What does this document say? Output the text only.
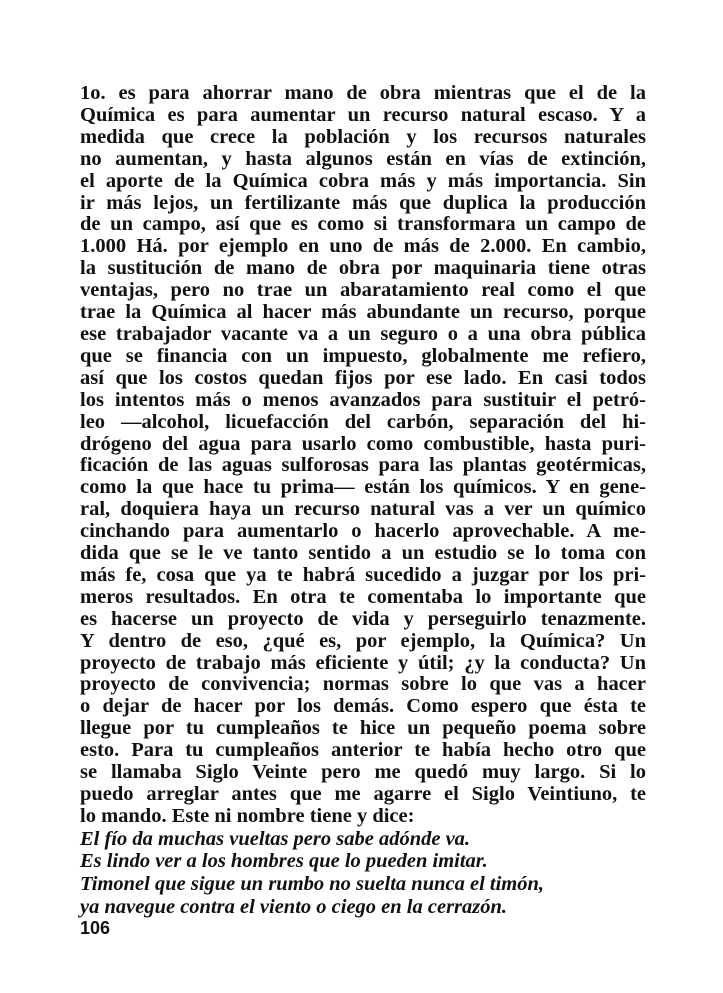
1o. es para ahorrar mano de obra mientras que el de la
Química es para aumentar un recurso natural escaso. Y a
medida que crece la población y los recursos naturales
no aumentan, y hasta algunos están en vías de extinción,
el aporte de la Química cobra más y más importancia. Sin
ir más lejos, un fertilizante más que duplica la producción
de un campo, así que es como si transformara un campo de
1.000 Há. por ejemplo en uno de más de 2.000. En cambio,
la sustitución de mano de obra por maquinaria tiene otras
ventajas, pero no trae un abaratamiento real como el que
trae la Química al hacer más abundante un recurso, porque
ese trabajador vacante va a un seguro o a una obra pública
que se financia con un impuesto, globalmente me refiero,
así que los costos quedan fijos por ese lado. En casi todos
los intentos más o menos avanzados para sustituir el petró-
leo —alcohol, licuefacción del carbón, separación del hi-
drógeno del agua para usarlo como combustible, hasta puri-
ficación de las aguas sulforosas para las plantas geotérmicas,
como la que hace tu prima— están los químicos. Y en gene-
ral, doquiera haya un recurso natural vas a ver un químico
cinchando para aumentarlo o hacerlo aprovechable. A me-
dida que se le ve tanto sentido a un estudio se lo toma con
más fe, cosa que ya te habrá sucedido a juzgar por los pri-
meros resultados. En otra te comentaba lo importante que
es hacerse un proyecto de vida y perseguirlo tenazmente.
Y dentro de eso, ¿qué es, por ejemplo, la Química? Un
proyecto de trabajo más eficiente y útil; ¿y la conducta? Un
proyecto de convivencia; normas sobre lo que vas a hacer
o dejar de hacer por los demás. Como espero que ésta te
llegue por tu cumpleaños te hice un pequeño poema sobre
esto. Para tu cumpleaños anterior te había hecho otro que
se llamaba Siglo Veinte pero me quedó muy largo. Si lo
puedo arreglar antes que me agarre el Siglo Veintiuno, te
lo mando. Este ni nombre tiene y dice:
El fío da muchas vueltas pero sabe adónde va.
Es lindo ver a los hombres que lo pueden imitar.
Timonel que sigue un rumbo no suelta nunca el timón,
ya navegue contra el viento o ciego en la cerrazón.
106
